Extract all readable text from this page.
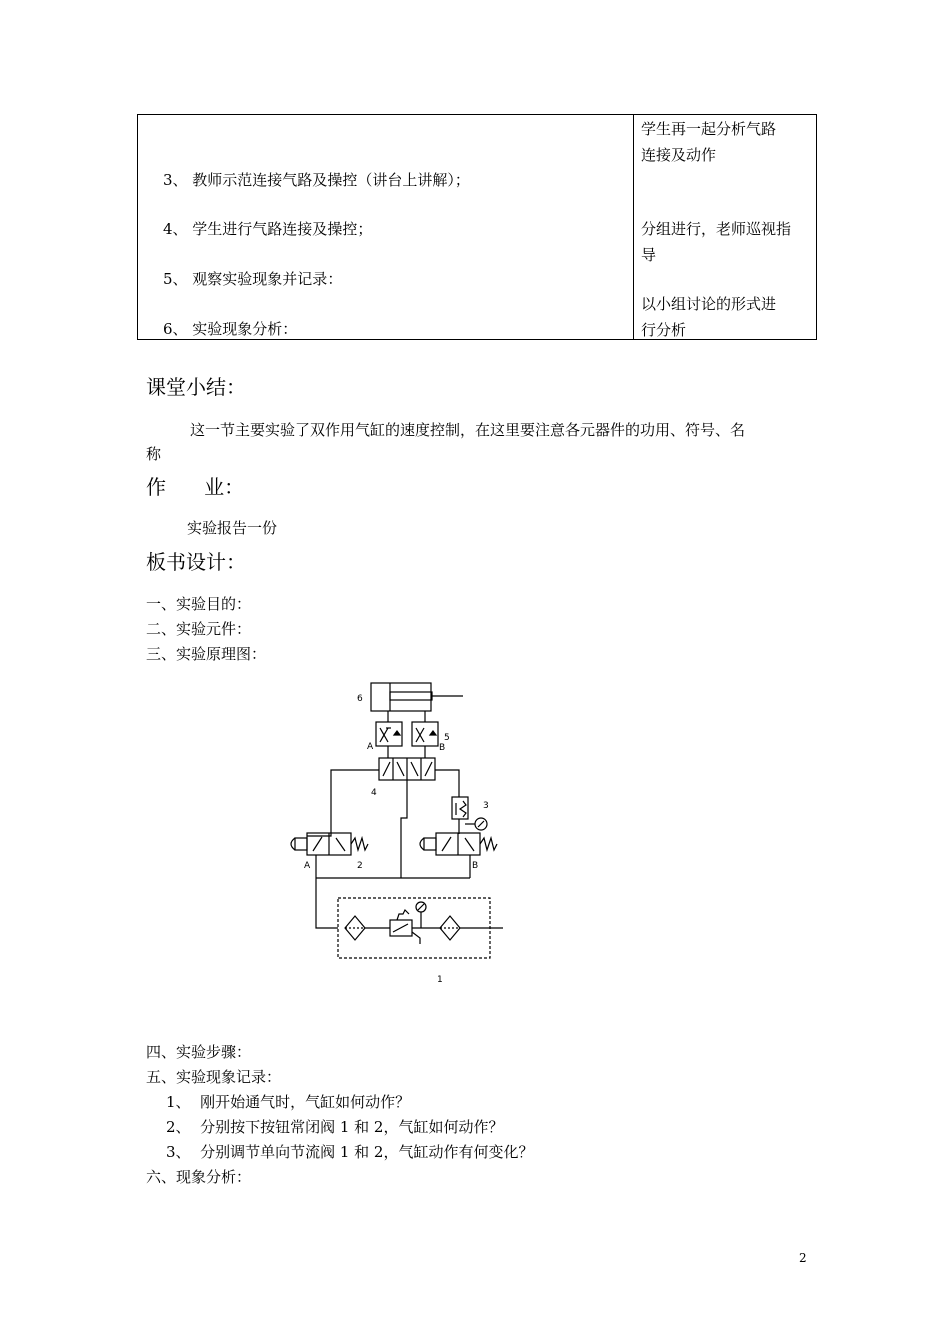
3、 教师示范连接气路及操控（讲台上讲解）；
4、 学生进行气路连接及操控；
5、 观察实验现象并记录：
6、 实验现象分析：
学生再一起分析气路
连接及动作
分组进行，老师巡视指
导
以小组讨论的形式进
行分析
课堂小结：
这一节主要实验了双作用气缸的速度控制，在这里要注意各元器件的功用、符号、名
称
作      业：
实验报告一份
板书设计：
一、实验目的：
二、实验元件：
三、实验原理图：
6
A
5
B
4
3
A	2	B
1
四、实验步骤：
五、实验现象记录：
1、  刚开始通气时，气缸如何动作？
2、  分别按下按钮常闭阀 1 和 2，气缸如何动作？
3、  分别调节单向节流阀 1 和 2，气缸动作有何变化？
六、现象分析：
2
